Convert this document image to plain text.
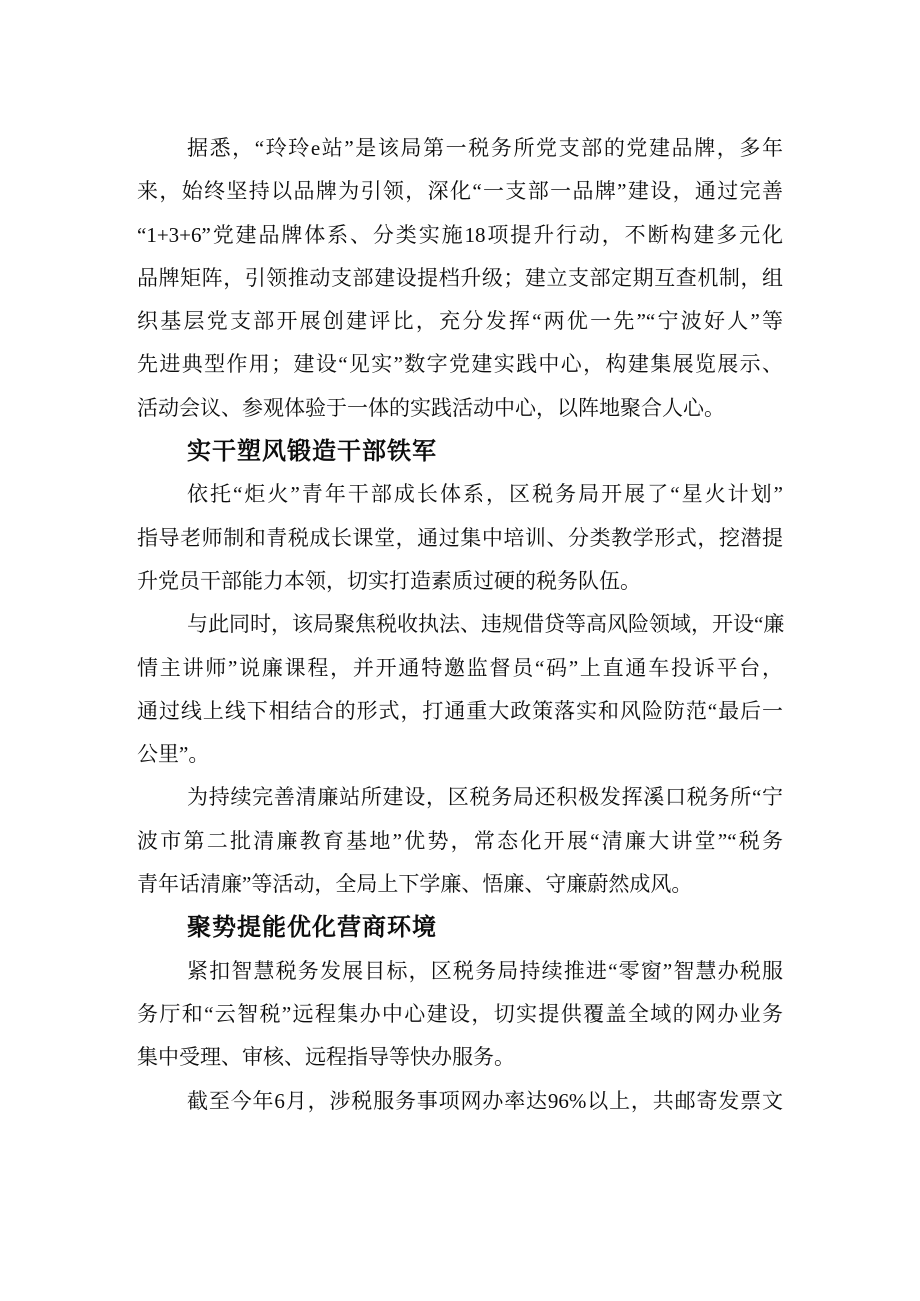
据悉，“玲玲e站”是该局第一税务所党支部的党建品牌，多年
来，始终坚持以品牌为引领，深化“一支部一品牌”建设，通过完善
“1+3+6”党建品牌体系、分类实施18项提升行动，不断构建多元化
品牌矩阵，引领推动支部建设提档升级；建立支部定期互查机制，组
织基层党支部开展创建评比，充分发挥“两优一先”“宁波好人”等
先进典型作用；建设“见实”数字党建实践中心，构建集展览展示、
活动会议、参观体验于一体的实践活动中心，以阵地聚合人心。
实干塑风锻造干部铁军
依托“炬火”青年干部成长体系，区税务局开展了“星火计划”
指导老师制和青税成长课堂，通过集中培训、分类教学形式，挖潜提
升党员干部能力本领，切实打造素质过硬的税务队伍。
与此同时，该局聚焦税收执法、违规借贷等高风险领域，开设“廉
情主讲师”说廉课程，并开通特邀监督员“码”上直通车投诉平台，
通过线上线下相结合的形式，打通重大政策落实和风险防范“最后一
公里”。
为持续完善清廉站所建设，区税务局还积极发挥溪口税务所“宁
波市第二批清廉教育基地”优势，常态化开展“清廉大讲堂”“税务
青年话清廉”等活动，全局上下学廉、悟廉、守廉蔚然成风。
聚势提能优化营商环境
紧扣智慧税务发展目标，区税务局持续推进“零窗”智慧办税服
务厅和“云智税”远程集办中心建设，切实提供覆盖全域的网办业务
集中受理、审核、远程指导等快办服务。
截至今年6月，涉税服务事项网办率达96%以上，共邮寄发票文
